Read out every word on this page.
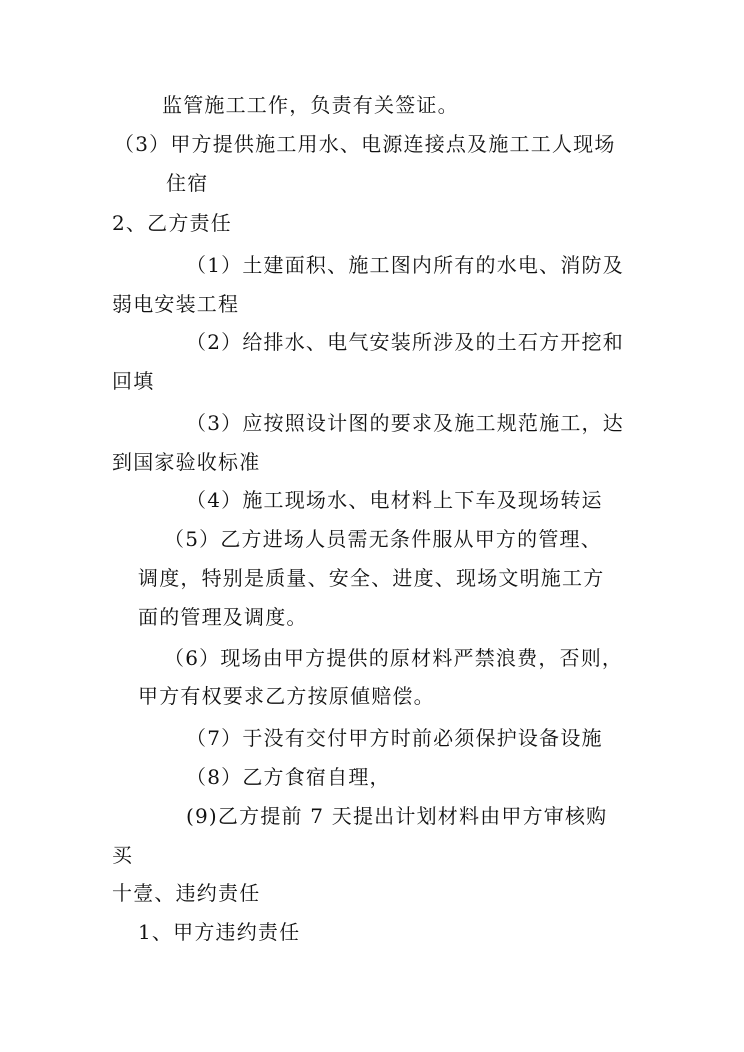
监管施工工作，负责有关签证。
（3）甲方提供施工用水、电源连接点及施工工人现场
住宿
2、乙方责任
（1）土建面积、施工图内所有的水电、消防及
弱电安装工程
（2）给排水、电气安装所涉及的土石方开挖和
回填
（3）应按照设计图的要求及施工规范施工，达
到国家验收标准
（4）施工现场水、电材料上下车及现场转运
（5）乙方进场人员需无条件服从甲方的管理、
调度，特别是质量、安全、进度、现场文明施工方
面的管理及调度。
（6）现场由甲方提供的原材料严禁浪费，否则，
甲方有权要求乙方按原値赔偿。
（7）于没有交付甲方时前必须保护设备设施
（8）乙方食宿自理，
(9)乙方提前 7 天提出计划材料由甲方审核购
买
十壹、违约责任
1、甲方违约责任
